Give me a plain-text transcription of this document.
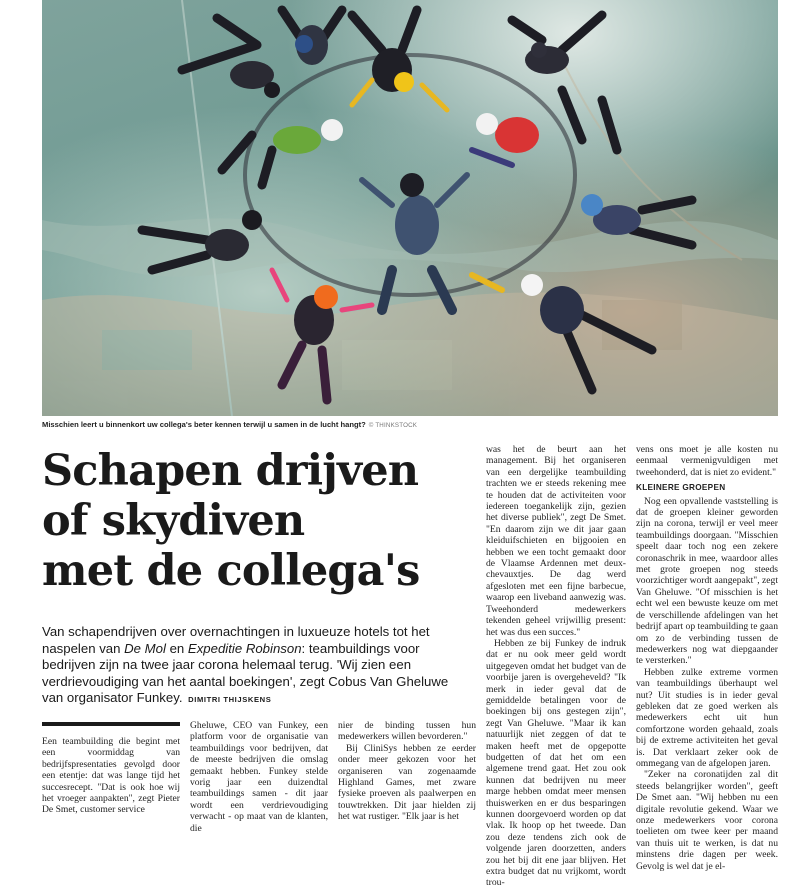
Misschien leert u binnenkort uw collega's beter kennen terwijl u samen in de lucht hangt? © THINKSTOCK
Schapen drijven
of skydiven
met de collega's
Van schapendrijven over overnachtingen in luxueuze hotels tot het naspelen van De Mol en Expeditie Robinson: teambuildings voor bedrijven zijn na twee jaar corona helemaal terug. 'Wij zien een verdrievoudiging van het aantal boekingen', zegt Cobus Van Gheluwe van organisator Funkey. DIMITRI THIJSKENS

Een teambuilding die begint met een voormiddag van bedrijfspresentaties gevolgd door een etentje: dat was lange tijd het succesrecept. "Dat is ook hoe wij het vroeger aanpakten", zegt Pieter De Smet, customer service

Gheluwe, CEO van Funkey, een platform voor de organisatie van teambuildings voor bedrijven, dat de meeste bedrijven die omslag gemaakt hebben. Funkey stelde vorig jaar een duizendtal teambuildings samen - dit jaar wordt een verdrievoudiging verwacht - op maat van de klanten, die

nier de binding tussen hun medewerkers willen bevorderen."

Bij CliniSys hebben ze eerder onder meer gekozen voor het organiseren van zogenaamde Highland Games, met zware fysieke proeven als paalwerpen en touwtrekken. Dit jaar hielden zij het wat rustiger. "Elk jaar is het

was het de beurt aan het management. Bij het organiseren van een dergelijke teambuilding trachten we er steeds rekening mee te houden dat de activiteiten voor iedereen toegankelijk zijn, gezien het diverse publiek", zegt De Smet. "En daarom zijn we dit jaar gaan kleiduifschieten en bijgooien en hebben we een tocht gemaakt door de Vlaamse Ardennen met deux-chevauxtjes. De dag werd afgesloten met een fijne barbecue, waarop een liveband aanwezig was. Tweehonderd medewerkers tekenden geheel vrijwillig present: het was dus een succes."

Hebben ze bij Funkey de indruk dat er nu ook meer geld wordt uitgegeven omdat het budget van de voorbije jaren is overgeheveld? "Ik merk in ieder geval dat de gemiddelde betalingen voor de boekingen bij ons gestegen zijn", zegt Van Gheluwe. "Maar ik kan natuurlijk niet zeggen of dat te maken heeft met de opgepotte budgetten of dat het om een algemene trend gaat. Het zou ook kunnen dat bedrijven nu meer marge hebben omdat meer mensen thuiswerken en er dus besparingen kunnen doorgevoerd worden op dat vlak. Ik hoop op het tweede. Dan zou deze tendens zich ook de volgende jaren doorzetten, anders zou het bij dit ene jaar blijven. Het extra budget dat nu vrijkomt, wordt trou-

vens ons moet je alle kosten nu eenmaal vermenigvuldigen met tweehonderd, dat is niet zo evident."

KLEINERE GROEPEN

Nog een opvallende vaststelling is dat de groepen kleiner geworden zijn na corona, terwijl er veel meer teambuildings doorgaan. "Misschien speelt daar toch nog een zekere coronaschrik in mee, waardoor alles met grote groepen nog steeds voorzichtiger wordt aangepakt", zegt Van Gheluwe. "Of misschien is het echt wel een bewuste keuze om met de verschillende afdelingen van het bedrijf apart op teambuilding te gaan om zo de verbinding tussen de medewerkers nog wat diepgaander te versterken."

Hebben zulke extreme vormen van teambuildings überhaupt wel nut? Uit studies is in ieder geval gebleken dat ze goed werken als medewerkers echt uit hun comfortzone worden gehaald, zoals bij de extreme activiteiten het geval is. Dat verklaart zeker ook de ommegang van de afgelopen jaren.

"Zeker na coronatijden zal dit steeds belangrijker worden", geeft De Smet aan. "Wij hebben nu een digitale revolutie gekend. Waar we onze medewerkers voor corona toelieten om twee keer per maand van thuis uit te werken, is dat nu minstens drie dagen per week. Gevolg is wel dat je el-
